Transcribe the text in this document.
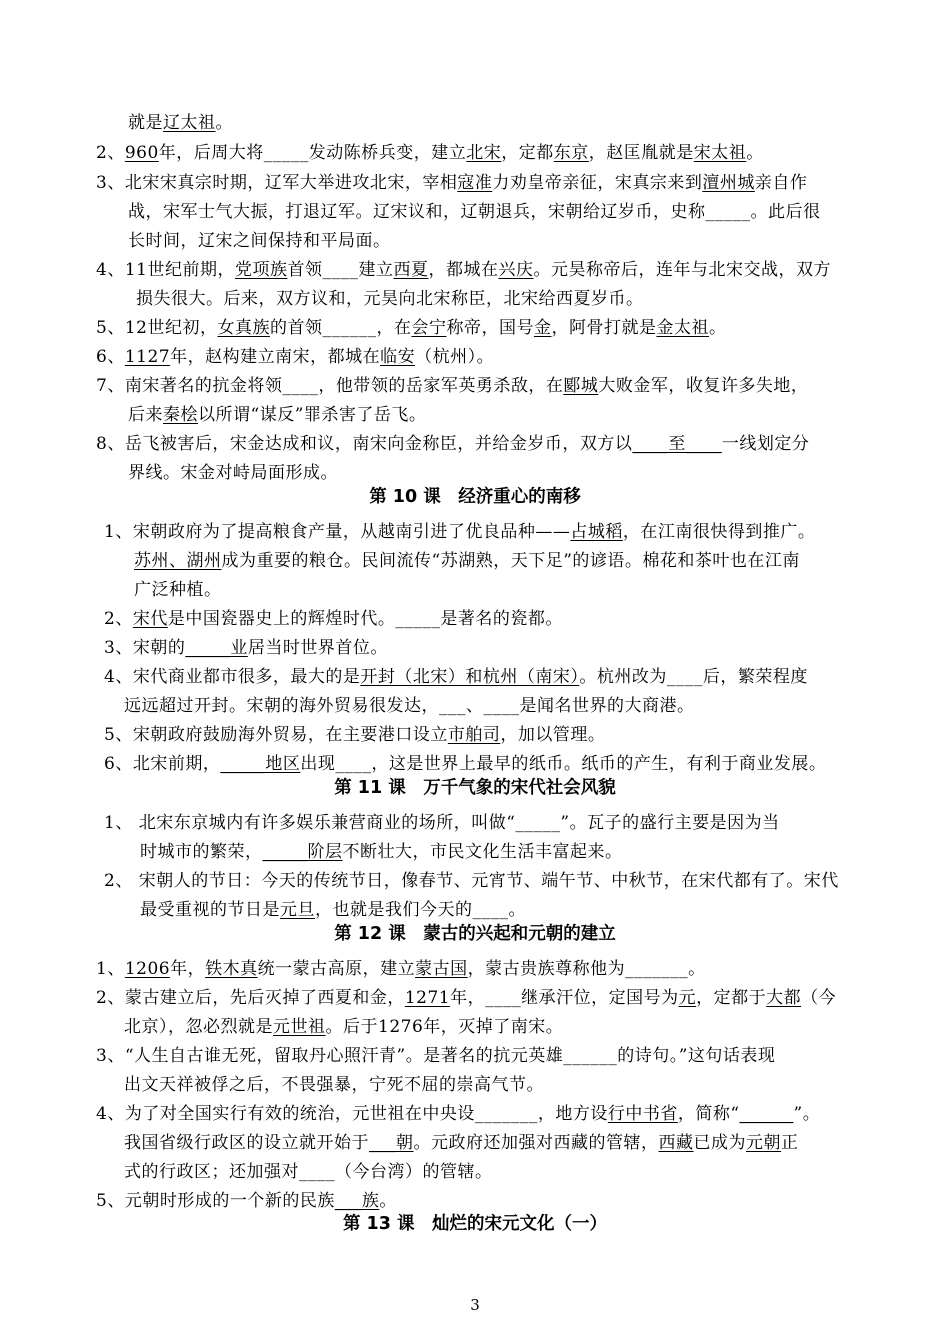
第 10 课　经济重心的南移
第 11 课　万千气象的宋代社会风貌
第 12 课　蒙古的兴起和元朝的建立
第 13 课　灿烂的宋元文化（一）
就是辽太祖。
2、960年，后周大将_____发动陈桥兵变，建立北宋，定都东京，赵匡胤就是宋太祖。
3、北宋宋真宗时期，辽军大举进攻北宋，宰相寇准力劝皇帝亲征，宋真宗来到澶州城亲自作
战，宋军士气大振，打退辽军。辽宋议和，辽朝退兵，宋朝给辽岁币，史称_____。此后很
长时间，辽宋之间保持和平局面。
4、11世纪前期，党项族首领____建立西夏，都城在兴庆。元昊称帝后，连年与北宋交战，双方
损失很大。后来，双方议和，元昊向北宋称臣，北宋给西夏岁币。
5、12世纪初，女真族的首领______，在会宁称帝，国号金，阿骨打就是金太祖。
6、1127年，赵构建立南宋，都城在临安（杭州）。
7、南宋著名的抗金将领____，他带领的岳家军英勇杀敌，在郾城大败金军，收复许多失地，
后来秦桧以所谓“谋反”罪杀害了岳飞。
8、岳飞被害后，宋金达成和议，南宋向金称臣，并给金岁币，双方以____至____一线划定分
界线。宋金对峙局面形成。
1、宋朝政府为了提高粮食产量，从越南引进了优良品种——占城稻，在江南很快得到推广。
苏州、湖州成为重要的粮仓。民间流传“苏湖熟，天下足”的谚语。棉花和茶叶也在江南
广泛种植。
2、宋代是中国瓷器史上的辉煌时代。_____是著名的瓷都。
3、宋朝的_____业居当时世界首位。
4、宋代商业都市很多，最大的是开封（北宋）和杭州（南宋）。杭州改为____后，繁荣程度
远远超过开封。宋朝的海外贸易很发达，___、____是闻名世界的大商港。
5、宋朝政府鼓励海外贸易，在主要港口设立市舶司，加以管理。
6、北宋前期，_____地区出现____，这是世界上最早的纸币。纸币的产生，有利于商业发展。
1、 北宋东京城内有许多娱乐兼营商业的场所，叫做“_____”。瓦子的盛行主要是因为当
时城市的繁荣，_____阶层不断壮大，市民文化生活丰富起来。
2、 宋朝人的节日：今天的传统节日，像春节、元宵节、端午节、中秋节，在宋代都有了。宋代
最受重视的节日是元旦，也就是我们今天的____。
1、1206年，铁木真统一蒙古高原，建立蒙古国，蒙古贵族尊称他为_______。
2、蒙古建立后，先后灭掉了西夏和金，1271年，____继承汗位，定国号为元，定都于大都（今
北京），忽必烈就是元世祖。后于1276年，灭掉了南宋。
3、“人生自古谁无死，留取丹心照汗青”。是著名的抗元英雄______的诗句。”这句话表现
出文天祥被俘之后，不畏强暴，宁死不屈的崇高气节。
4、为了对全国实行有效的统治，元世祖在中央设_______，地方设行中书省，简称“______”。
我国省级行政区的设立就开始于___朝。元政府还加强对西藏的管辖，西藏已成为元朝正
式的行政区；还加强对____（今台湾）的管辖。
5、元朝时形成的一个新的民族___族。
3
